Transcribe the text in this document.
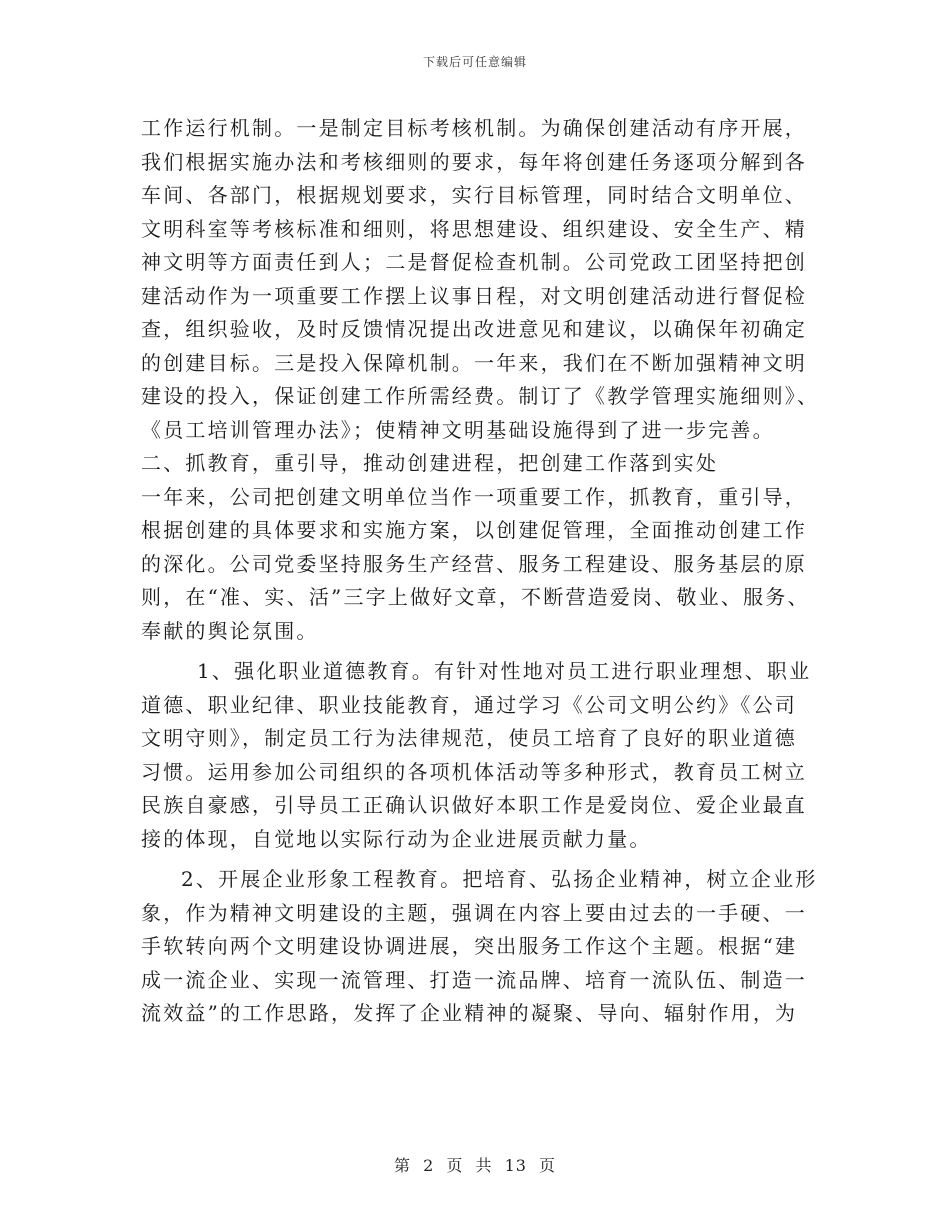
下载后可任意编辑
工作运行机制。一是制定目标考核机制。为确保创建活动有序开展，
我们根据实施办法和考核细则的要求，每年将创建任务逐项分解到各
车间、各部门，根据规划要求，实行目标管理，同时结合文明单位、
文明科室等考核标准和细则，将思想建设、组织建设、安全生产、精
神文明等方面责任到人；二是督促检查机制。公司党政工团坚持把创
建活动作为一项重要工作摆上议事日程，对文明创建活动进行督促检
查，组织验收，及时反馈情况提出改进意见和建议，以确保年初确定
的创建目标。三是投入保障机制。一年来，我们在不断加强精神文明
建设的投入，保证创建工作所需经费。制订了《教学管理实施细则》、
《员工培训管理办法》；使精神文明基础设施得到了进一步完善。
二、抓教育，重引导，推动创建进程，把创建工作落到实处
一年来，公司把创建文明单位当作一项重要工作，抓教育，重引导，
根据创建的具体要求和实施方案，以创建促管理，全面推动创建工作
的深化。公司党委坚持服务生产经营、服务工程建设、服务基层的原
则，在“准、实、活”三字上做好文章，不断营造爱岗、敬业、服务、
奉献的舆论氛围。
1、强化职业道德教育。有针对性地对员工进行职业理想、职业
道德、职业纪律、职业技能教育，通过学习《公司文明公约》《公司
文明守则》，制定员工行为法律规范，使员工培育了良好的职业道德
习惯。运用参加公司组织的各项机体活动等多种形式，教育员工树立
民族自豪感，引导员工正确认识做好本职工作是爱岗位、爱企业最直
接的体现，自觉地以实际行动为企业进展贡献力量。
2、开展企业形象工程教育。把培育、弘扬企业精神，树立企业形
象，作为精神文明建设的主题，强调在内容上要由过去的一手硬、一
手软转向两个文明建设协调进展，突出服务工作这个主题。根据“建
成一流企业、实现一流管理、打造一流品牌、培育一流队伍、制造一
流效益”的工作思路，发挥了企业精神的凝聚、导向、辐射作用，为
第 2 页 共 13 页
